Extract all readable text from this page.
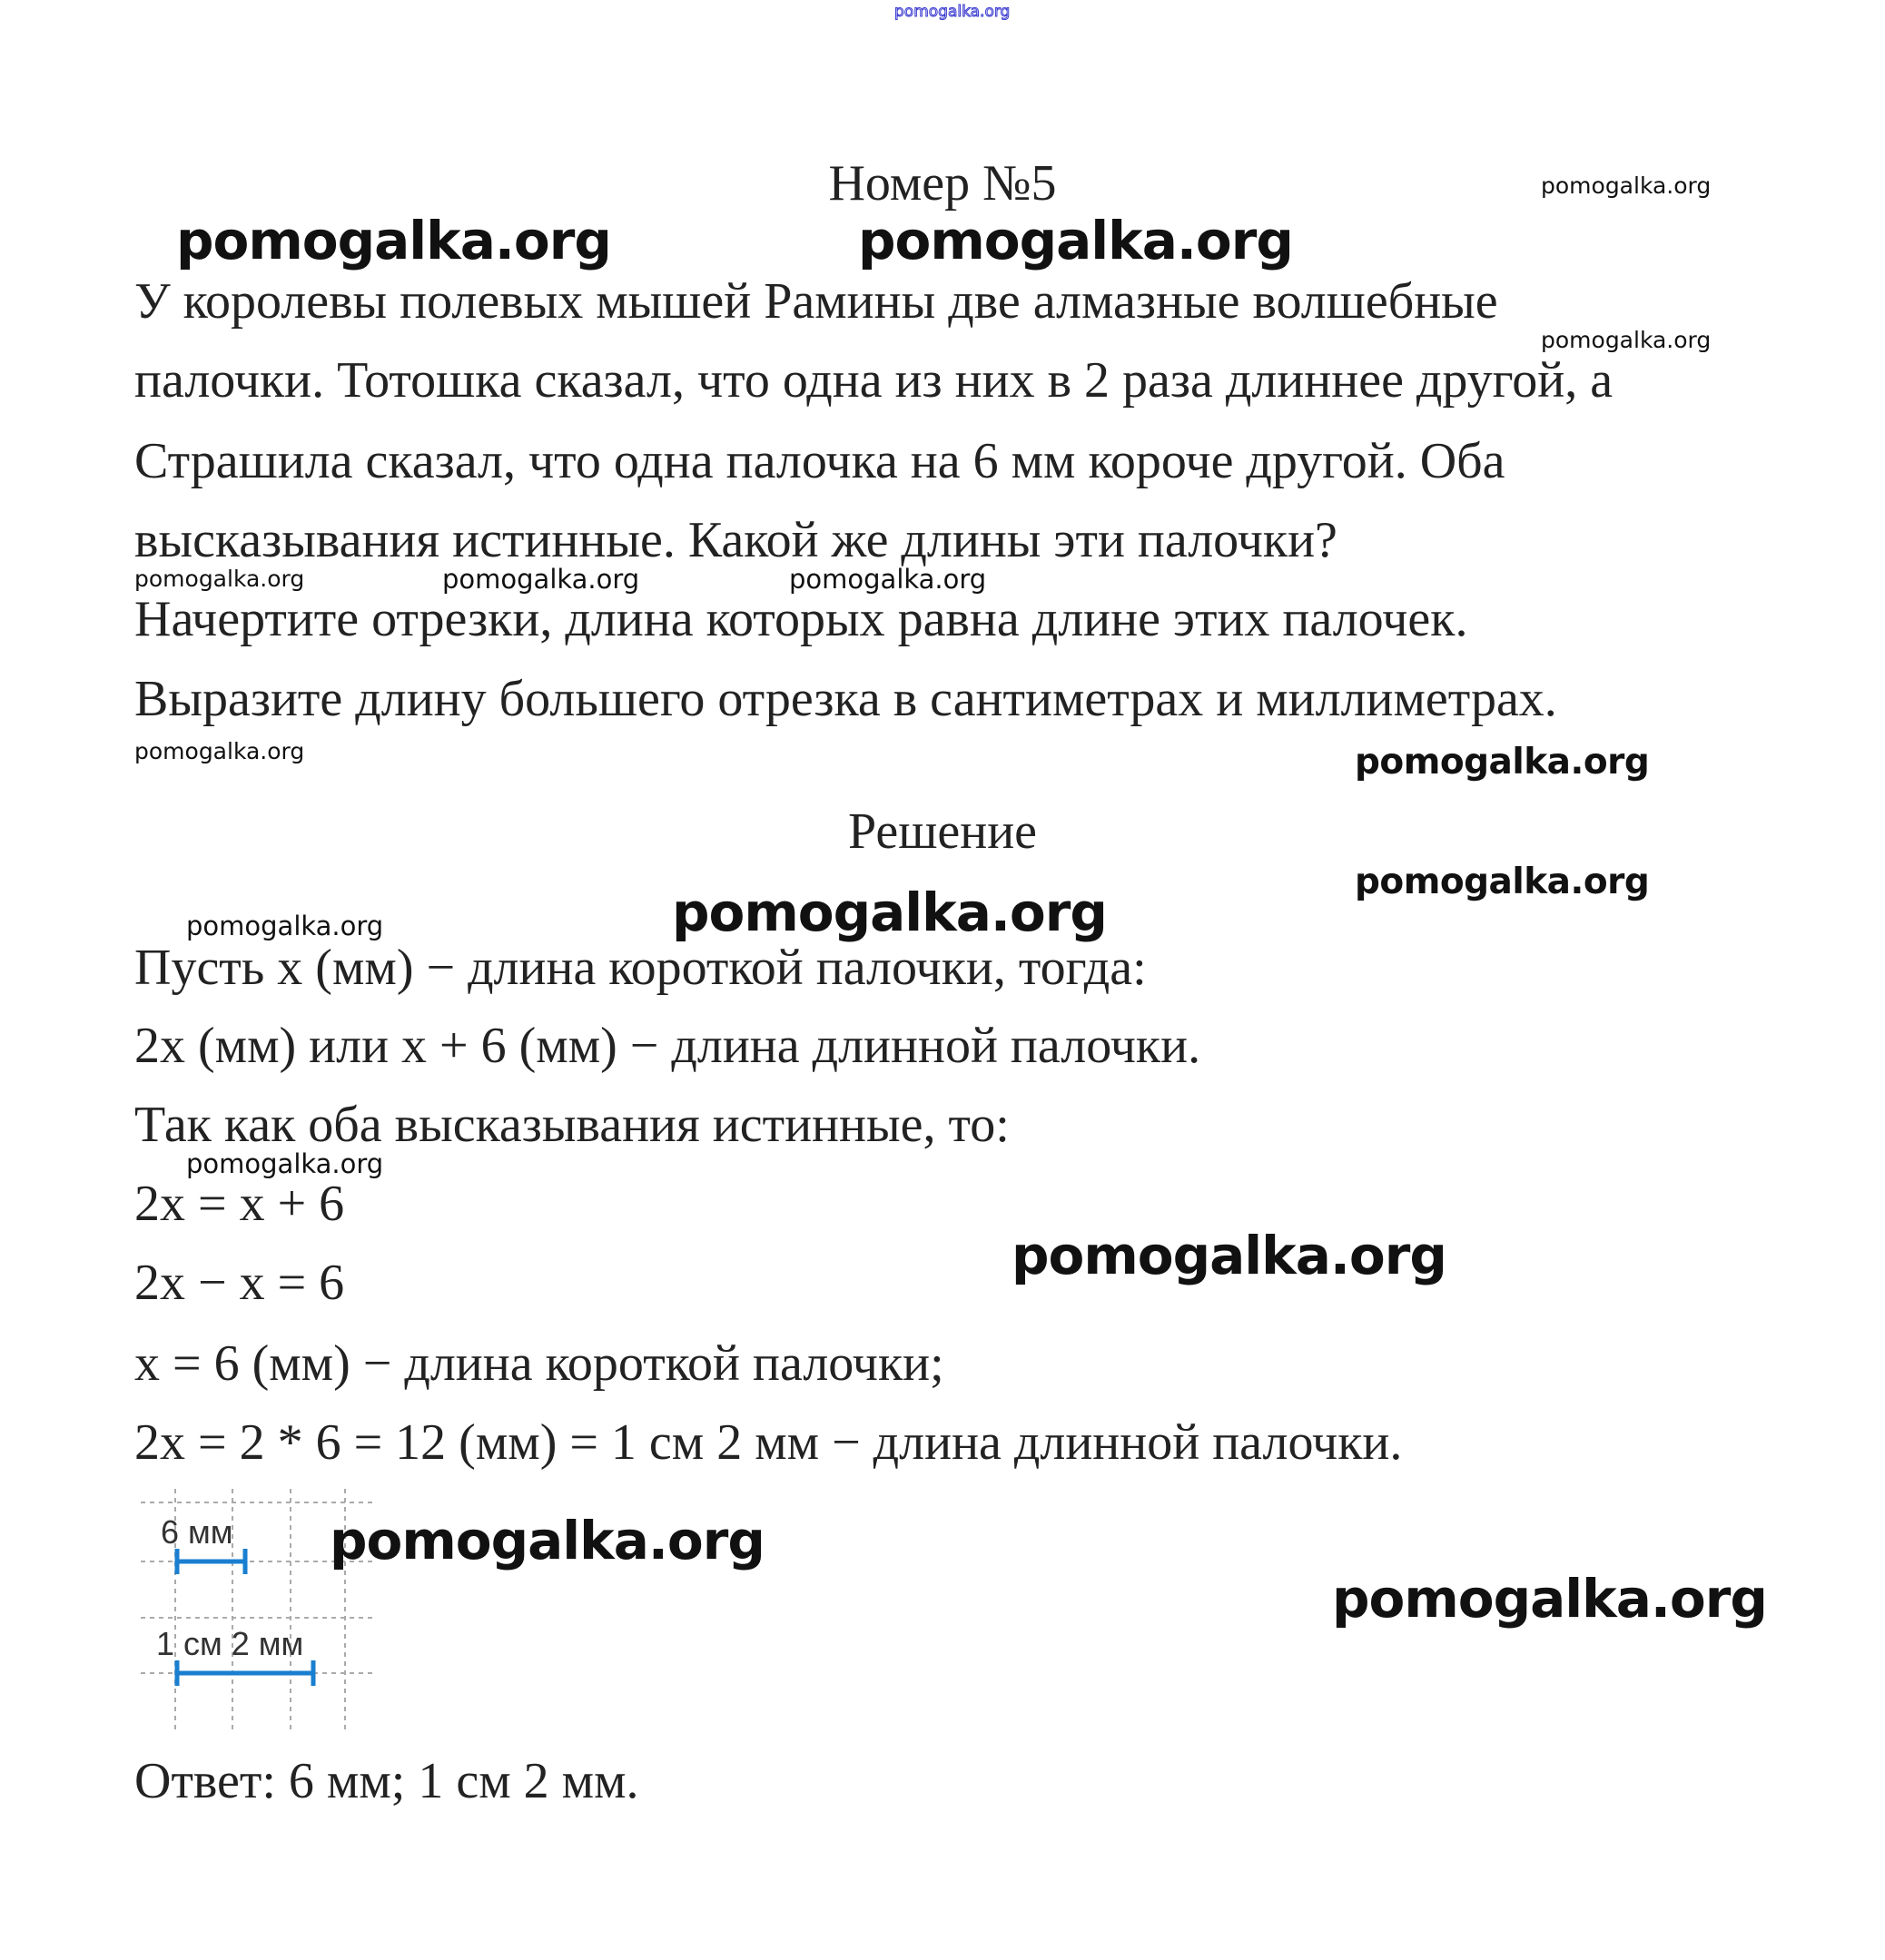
pomogalka.org
Номер №5
У королевы полевых мышей Рамины две алмазные волшебные
палочки. Тотошка сказал, что одна из них в 2 раза длиннее другой, а
Страшила сказал, что одна палочка на 6 мм короче другой. Оба
высказывания истинные. Какой же длины эти палочки?
Начертите отрезки, длина которых равна длине этих палочек.
Выразите длину большего отрезка в сантиметрах и миллиметрах.
Решение
Пусть x (мм) − длина короткой палочки, тогда:
2x (мм) или x + 6 (мм) − длина длинной палочки.
Так как оба высказывания истинные, то:
2x = x + 6
2x − x = 6
x = 6 (мм) − длина короткой палочки;
2x = 2 * 6 = 12 (мм) = 1 см 2 мм − длина длинной палочки.
6 мм
1 см 2 мм
Ответ: 6 мм; 1 см 2 мм.
pomogalka.org
pomogalka.org	pomogalka.org
pomogalka.org
pomogalka.org	pomogalka.org	pomogalka.org
pomogalka.org
pomogalka.org
pomogalka.org
pomogalka.org	pomogalka.org
pomogalka.org
pomogalka.org
pomogalka.org
pomogalka.org
